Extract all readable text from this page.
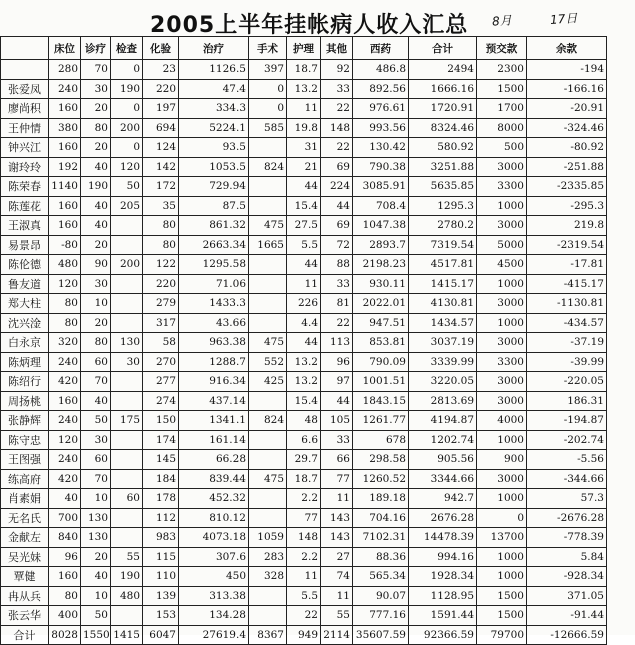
2005上半年挂帐病人收入汇总 8月	17日
	床位	诊疗	检查	化验	治疗	手术	护理	其他	西药	合计	预交款	余款
	280	70	0	23	1126.5	397	18.7	92	486.8	2494	2300	-194
张爱凤	240	30	190	220	47.4	0	13.2	33	892.56	1666.16	1500	-166.16
廖尚积	160	20	0	197	334.3	0	11	22	976.61	1720.91	1700	-20.91
王仲情	380	80	200	694	5224.1	585	19.8	148	993.56	8324.46	8000	-324.46
钟兴江	160	20	0	124	93.5		31	22	130.42	580.92	500	-80.92
谢玲玲	192	40	120	142	1053.5	824	21	69	790.38	3251.88	3000	-251.88
陈荣春	1140	190	50	172	729.94		44	224	3085.91	5635.85	3300	-2335.85
陈莲花	160	40	205	35	87.5		15.4	44	708.4	1295.3	1000	-295.3
王淑真	160	40		80	861.32	475	27.5	69	1047.38	2780.2	3000	219.8
易景昂	-80	20		80	2663.34	1665	5.5	72	2893.7	7319.54	5000	-2319.54
陈伦德	480	90	200	122	1295.58		44	88	2198.23	4517.81	4500	-17.81
鲁友道	120	30		220	71.06		11	33	930.11	1415.17	1000	-415.17
郑大柱	80	10		279	1433.3		226	81	2022.01	4130.81	3000	-1130.81
沈兴淦	80	20		317	43.66		4.4	22	947.51	1434.57	1000	-434.57
白永京	320	80	130	58	963.38	475	44	113	853.81	3037.19	3000	-37.19
陈炳理	240	60	30	270	1288.7	552	13.2	96	790.09	3339.99	3300	-39.99
陈绍行	420	70		277	916.34	425	13.2	97	1001.51	3220.05	3000	-220.05
周扬桃	160	40		274	437.14		15.4	44	1843.15	2813.69	3000	186.31
张静辉	240	50	175	150	1341.1	824	48	105	1261.77	4194.87	4000	-194.87
陈守忠	120	30		174	161.14		6.6	33	678	1202.74	1000	-202.74
王图强	240	60		145	66.28		29.7	66	298.58	905.56	900	-5.56
练高府	420	70		184	839.44	475	18.7	77	1260.52	3344.66	3000	-344.66
肖素娟	40	10	60	178	452.32		2.2	11	189.18	942.7	1000	57.3
无名氏	700	130		112	810.12		77	143	704.16	2676.28	0	-2676.28
金献左	840	130		983	4073.18	1059	148	143	7102.31	14478.39	13700	-778.39
吴光妹	96	20	55	115	307.6	283	2.2	27	88.36	994.16	1000	5.84
覃健	160	40	190	110	450	328	11	74	565.34	1928.34	1000	-928.34
冉从兵	80	10	480	139	313.38		5.5	11	90.07	1128.95	1500	371.05
张云华	400	50		153	134.28		22	55	777.16	1591.44	1500	-91.44
合计	8028	1550	1415	6047	27619.4	8367	949	2114	35607.59	92366.59	79700	-12666.59
